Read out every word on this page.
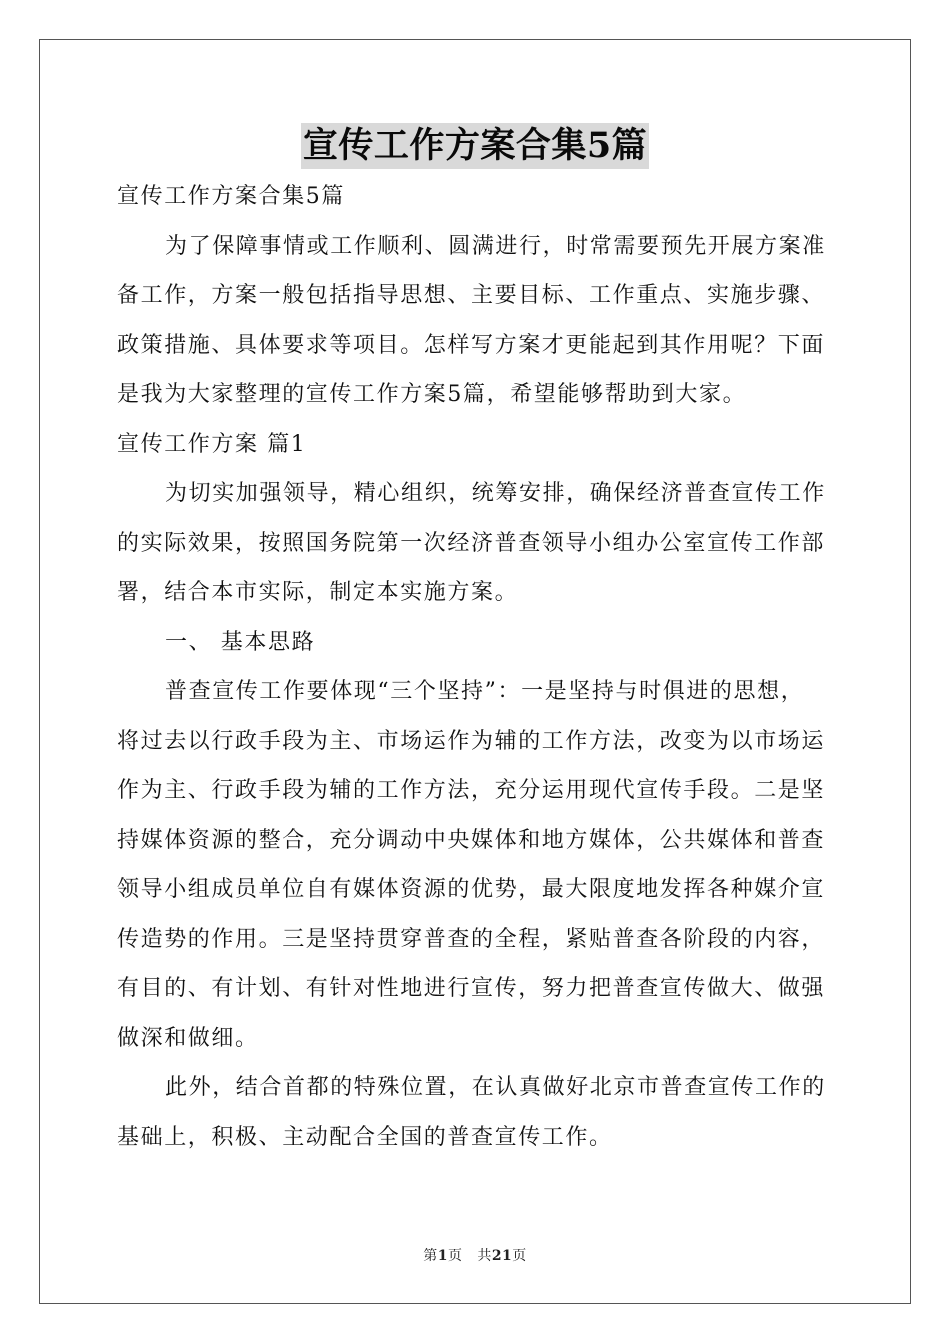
宣传工作方案合集5篇
宣传工作方案合集5篇
为了保障事情或工作顺利、圆满进行，时常需要预先开展方案准
备工作，方案一般包括指导思想、主要目标、工作重点、实施步骤、
政策措施、具体要求等项目。怎样写方案才更能起到其作用呢？下面
是我为大家整理的宣传工作方案5篇，希望能够帮助到大家。
宣传工作方案 篇1
为切实加强领导，精心组织，统筹安排，确保经济普查宣传工作
的实际效果，按照国务院第一次经济普查领导小组办公室宣传工作部
署，结合本市实际，制定本实施方案。
一、 基本思路
普查宣传工作要体现“三个坚持”：一是坚持与时俱进的思想，
将过去以行政手段为主、市场运作为辅的工作方法，改变为以市场运
作为主、行政手段为辅的工作方法，充分运用现代宣传手段。二是坚
持媒体资源的整合，充分调动中央媒体和地方媒体，公共媒体和普查
领导小组成员单位自有媒体资源的优势，最大限度地发挥各种媒介宣
传造势的作用。三是坚持贯穿普查的全程，紧贴普查各阶段的内容，
有目的、有计划、有针对性地进行宣传，努力把普查宣传做大、做强
做深和做细。
此外，结合首都的特殊位置，在认真做好北京市普查宣传工作的
基础上，积极、主动配合全国的普查宣传工作。
第1页 共21页
